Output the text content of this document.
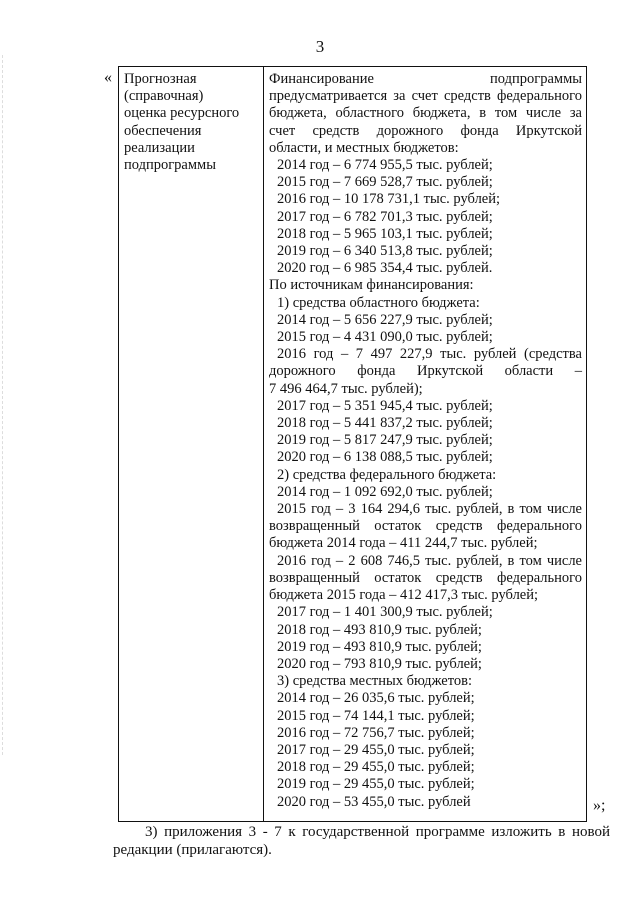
3
« Прогнозная
(справочная)
оценка ресурсного
обеспечения
реализации
подпрограммы
Финансирование подпрограммы
предусматривается за счет средств федерального
бюджета, областного бюджета, в том числе за
счет средств дорожного фонда Иркутской
области, и местных бюджетов:
2014 год – 6 774 955,5 тыс. рублей;
2015 год – 7 669 528,7 тыс. рублей;
2016 год – 10 178 731,1 тыс. рублей;
2017 год – 6 782 701,3 тыс. рублей;
2018 год – 5 965 103,1 тыс. рублей;
2019 год – 6 340 513,8 тыс. рублей;
2020 год – 6 985 354,4 тыс. рублей.
По источникам финансирования:
1) средства областного бюджета:
2014 год – 5 656 227,9 тыс. рублей;
2015 год – 4 431 090,0 тыс. рублей;
2016 год – 7 497 227,9 тыс. рублей (средства
дорожного фонда Иркутской области –
7 496 464,7 тыс. рублей);
2017 год – 5 351 945,4 тыс. рублей;
2018 год – 5 441 837,2 тыс. рублей;
2019 год – 5 817 247,9 тыс. рублей;
2020 год – 6 138 088,5 тыс. рублей;
2) средства федерального бюджета:
2014 год – 1 092 692,0 тыс. рублей;
2015 год – 3 164 294,6 тыс. рублей, в том числе
возвращенный остаток средств федерального
бюджета 2014 года – 411 244,7 тыс. рублей;
2016 год – 2 608 746,5 тыс. рублей, в том числе
возвращенный остаток средств федерального
бюджета 2015 года – 412 417,3 тыс. рублей;
2017 год – 1 401 300,9 тыс. рублей;
2018 год – 493 810,9 тыс. рублей;
2019 год – 493 810,9 тыс. рублей;
2020 год – 793 810,9 тыс. рублей;
3) средства местных бюджетов:
2014 год – 26 035,6 тыс. рублей;
2015 год – 74 144,1 тыс. рублей;
2016 год – 72 756,7 тыс. рублей;
2017 год – 29 455,0 тыс. рублей;
2018 год – 29 455,0 тыс. рублей;
2019 год – 29 455,0 тыс. рублей;
2020 год – 53 455,0 тыс. рублей	»;
3) приложения 3 - 7 к государственной программе изложить в новой
редакции (прилагаются).
